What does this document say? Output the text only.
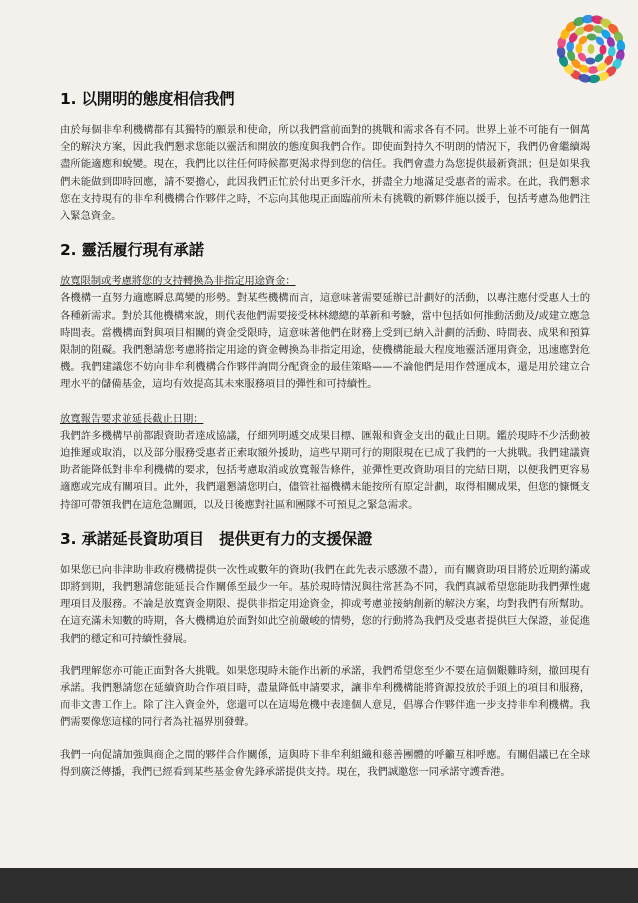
1. 以開明的態度相信我們

由於每個非牟利機構都有其獨特的願景和使命，所以我們當前面對的挑戰和需求各有不同。世界上並不可能有一個萬全的解決方案，因此我們懇求您能以靈活和開放的態度與我們合作。即使面對持久不明朗的情況下，我們仍會繼續竭盡所能適應和蛻變。現在，我們比以往任何時候都更渴求得到您的信任。我們會盡力為您提供最新資訊；但是如果我們未能做到即時回應，請不要擔心，此因我們正忙於付出更多汗水，拼盡全力地滿足受惠者的需求。在此，我們懇求您在支持現有的非牟利機構合作夥伴之時，不忘向其他現正面臨前所未有挑戰的新夥伴施以援手，包括考慮為他們注入緊急資金。

2. 靈活履行現有承諾

放寬限制或考慮將您的支持轉換為非指定用途資金：

各機構一直努力適應瞬息萬變的形勢。對某些機構而言，這意味著需要延辦已計劃好的活動，以專注應付受惠人士的各種新需求。對於其他機構來說，則代表他們需要接受林林總總的革新和考驗，當中包括如何推動活動及/或建立應急時間表。當機構面對與項目相關的資金受限時，這意味著他們在財務上受到已納入計劃的活動、時間表、成果和預算限制的阻礙。我們懇請您考慮將指定用途的資金轉換為非指定用途，使機構能最大程度地靈活運用資金，迅速應對危機。我們建議您不妨向非牟利機構合作夥伴詢問分配資金的最佳策略——不論他們是用作營運成本，還是用於建立合理水平的儲備基金，這均有效提高其未來服務項目的彈性和可持續性。

放寬報告要求並延長截止日期：

我們許多機構早前都跟資助者達成協議，仔細列明遞交成果目標、匯報和資金支出的截止日期。鑑於現時不少活動被迫推遲或取消，以及部分服務受惠者正索取額外援助，這些早期可行的期限現在已成了我們的一大挑戰。我們建議資助者能降低對非牟利機構的要求，包括考慮取消或放寬報告條件，並彈性更改資助項目的完結日期，以便我們更容易適應或完成有關項目。此外，我們還懇請您明白，儘管社福機構未能按所有原定計劃，取得相關成果，但您的慷慨支持卻可帶領我們在這危急關頭，以及日後應對社區和團隊不可預見之緊急需求。

3. 承諾延長資助項目　提供更有力的支援保證

如果您已向非津助非政府機構提供一次性或數年的資助(我們在此先表示感激不盡），而有關資助項目將於近期約滿或即將到期，我們懇請您能延長合作關係至最少一年。基於現時情況與往常甚為不同，我們真誠希望您能助我們彈性處理項目及服務。不論是放寬資金期限、提供非指定用途資金，抑或考慮並接納創新的解決方案，均對我們有所幫助。在這充滿未知數的時期，各大機構迫於面對如此空前嚴峻的情勢，您的行動將為我們及受惠者提供巨大保證，並促進我們的穩定和可持續性發展。

我們理解您亦可能正面對各大挑戰。如果您現時未能作出新的承諾，我們希望您至少不要在這個艱難時刻，撤回現有承諾。我們懇請您在延續資助合作項目時，盡量降低申請要求，讓非牟利機構能將資源投放於手頭上的項目和服務，而非文書工作上。除了注入資金外，您還可以在這場危機中表達個人意見，倡導合作夥伴進一步支持非牟利機構。我們需要像您這樣的同行者為社福界別發聲。

我們一向促請加強與商企之間的夥伴合作關係，這與時下非牟利組織和慈善團體的呼籲互相呼應。有關倡議已在全球得到廣泛傳播，我們已經看到某些基金會先鋒承諾提供支持。現在，我們誠邀您一同承諾守護香港。
